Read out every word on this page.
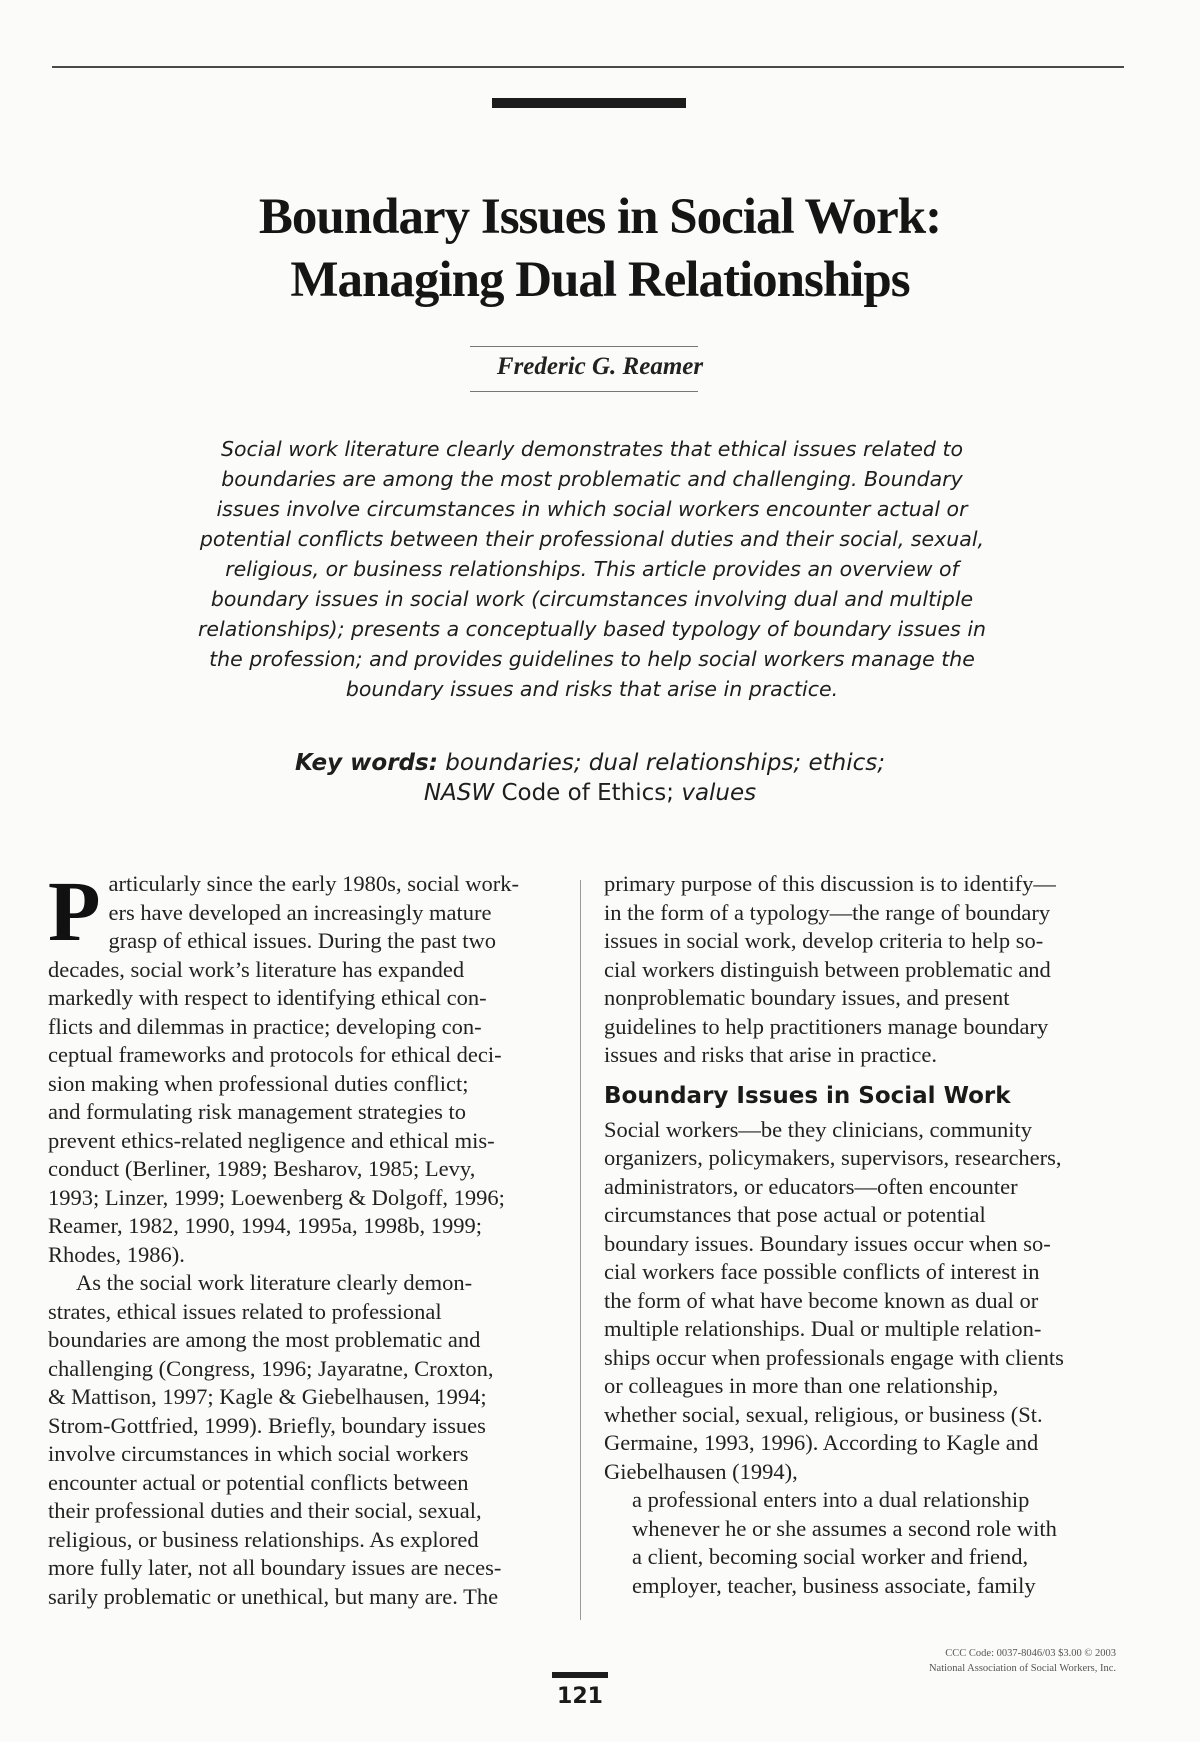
Boundary Issues in Social Work:
Managing Dual Relationships
Frederic G. Reamer
Social work literature clearly demonstrates that ethical issues related to
boundaries are among the most problematic and challenging. Boundary
issues involve circumstances in which social workers encounter actual or
potential conflicts between their professional duties and their social, sexual,
religious, or business relationships. This article provides an overview of
boundary issues in social work (circumstances involving dual and multiple
relationships); presents a conceptually based typology of boundary issues in
the profession; and provides guidelines to help social workers manage the
boundary issues and risks that arise in practice.
Key words: boundaries; dual relationships; ethics;
NASW Code of Ethics; values

P articularly since the early 1980s, social work-
ers have developed an increasingly mature
grasp of ethical issues. During the past two
decades, social work’s literature has expanded
markedly with respect to identifying ethical con-
flicts and dilemmas in practice; developing con-
ceptual frameworks and protocols for ethical deci-
sion making when professional duties conflict;
and formulating risk management strategies to
prevent ethics-related negligence and ethical mis-
conduct (Berliner, 1989; Besharov, 1985; Levy,
1993; Linzer, 1999; Loewenberg & Dolgoff, 1996;
Reamer, 1982, 1990, 1994, 1995a, 1998b, 1999;
Rhodes, 1986).

As the social work literature clearly demon-
strates, ethical issues related to professional
boundaries are among the most problematic and
challenging (Congress, 1996; Jayaratne, Croxton,
& Mattison, 1997; Kagle & Giebelhausen, 1994;
Strom-Gottfried, 1999). Briefly, boundary issues
involve circumstances in which social workers
encounter actual or potential conflicts between
their professional duties and their social, sexual,
religious, or business relationships. As explored
more fully later, not all boundary issues are neces-
sarily problematic or unethical, but many are. The

primary purpose of this discussion is to identify—
in the form of a typology—the range of boundary
issues in social work, develop criteria to help so-
cial workers distinguish between problematic and
nonproblematic boundary issues, and present
guidelines to help practitioners manage boundary
issues and risks that arise in practice.

Boundary Issues in Social Work

Social workers—be they clinicians, community
organizers, policymakers, supervisors, researchers,
administrators, or educators—often encounter
circumstances that pose actual or potential
boundary issues. Boundary issues occur when so-
cial workers face possible conflicts of interest in
the form of what have become known as dual or
multiple relationships. Dual or multiple relation-
ships occur when professionals engage with clients
or colleagues in more than one relationship,
whether social, sexual, religious, or business (St.
Germaine, 1993, 1996). According to Kagle and
Giebelhausen (1994),

a professional enters into a dual relationship
whenever he or she assumes a second role with
a client, becoming social worker and friend,
employer, teacher, business associate, family

CCC Code: 0037-8046/03 $3.00 © 2003
National Association of Social Workers, Inc.
121
